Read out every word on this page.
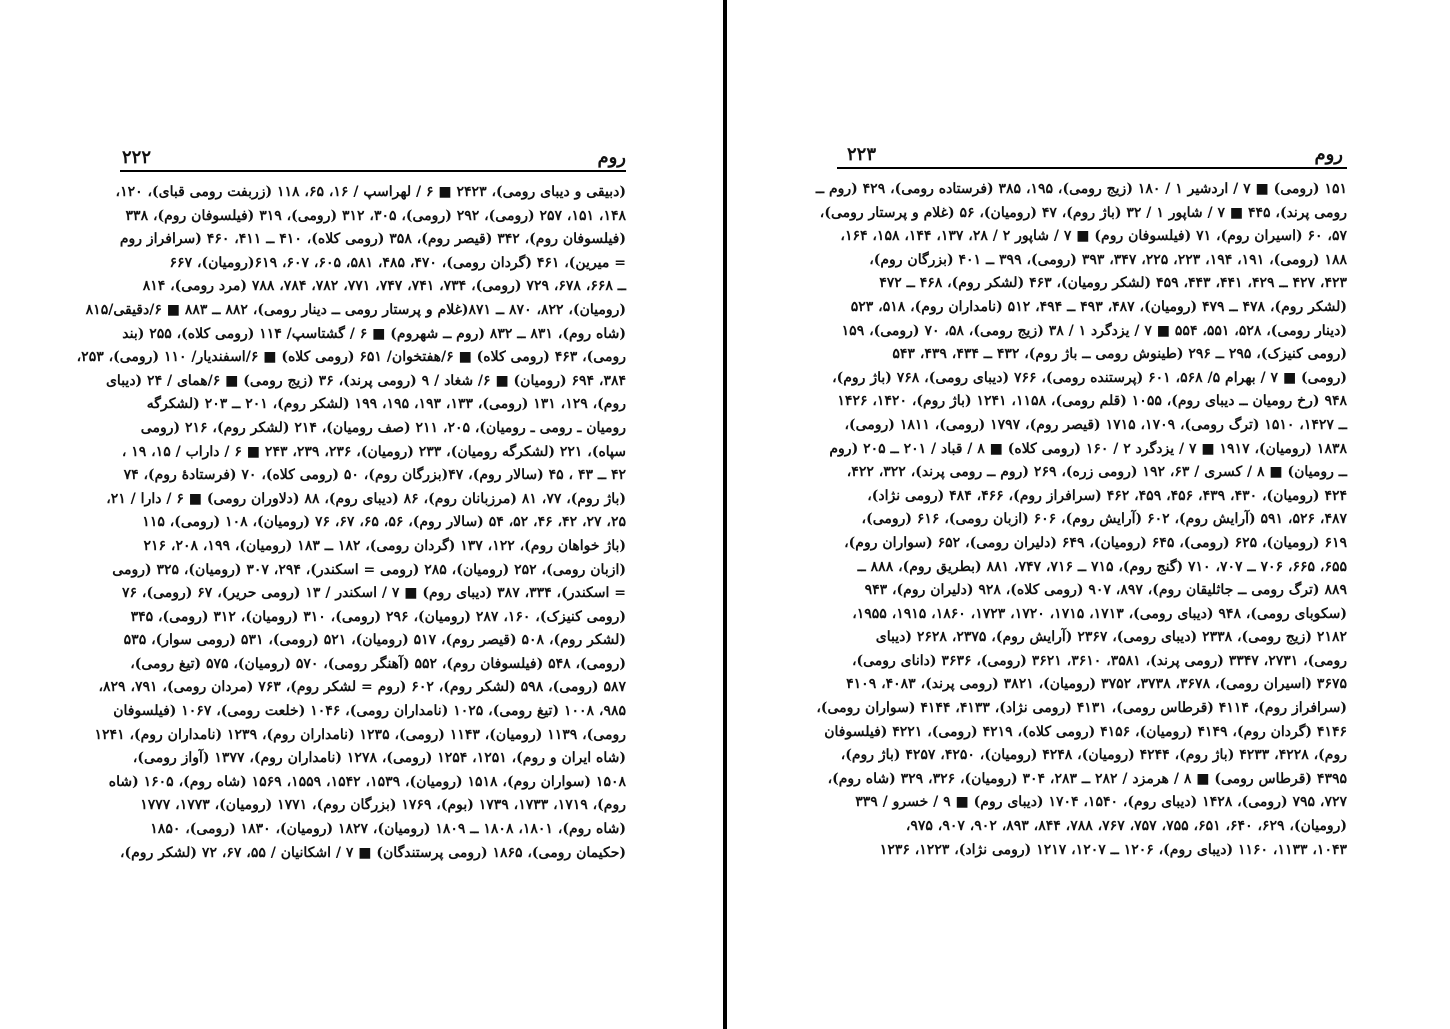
روم
۲۲۲
(دبیقی و دیبای رومی)، ۲۴۲۳ ■ ۶ / لهراسپ / ۱۶، ۶۵، ۱۱۸ (زربفت رومی قبای)، ۱۲۰،
۱۴۸، ۱۵۱، ۲۵۷ (رومی)، ۲۹۲ (رومی)، ۳۰۵، ۳۱۲ (رومی)، ۳۱۹ (فیلسوفان روم)، ۳۳۸
(فیلسوفان روم)، ۳۴۲ (قیصر روم)، ۳۵۸ (رومی کلاه)، ۴۱۰ ــ ۴۱۱، ۴۶۰ (سرافراز روم
= میرین)، ۴۶۱ (گردان رومی)، ۴۷۰، ۴۸۵، ۵۸۱، ۶۰۵، ۶۰۷، ۶۱۹(رومیان)، ۶۶۷
ــ ۶۶۸، ۶۷۸، ۷۲۹ (رومی)، ۷۳۴، ۷۴۱، ۷۴۷، ۷۷۱، ۷۸۲، ۷۸۴، ۷۸۸ (مرد رومی)، ۸۱۴
(رومیان)، ۸۲۲، ۸۷۰ ــ ۸۷۱(غلام و پرستار رومی ــ دینار رومی)، ۸۸۲ ــ ۸۸۳ ■ ۶/دقیقی/۸۱۵
(شاه روم)، ۸۳۱ ــ ۸۳۲ (روم ــ شهروم) ■ ۶ / گشتاسپ/ ۱۱۴ (رومی کلاه)، ۲۵۵ (بند
رومی)، ۴۶۳ (رومی کلاه) ■ ۶/هفتخوان/ ۶۵۱ (رومی کلاه) ■ ۶/اسفندیار/ ۱۱۰ (رومی)، ۲۵۳،
۳۸۴، ۶۹۴ (رومیان) ■ ۶/ شغاد / ۹ (رومی پرند)، ۳۶ (زیج رومی) ■ ۶/همای / ۲۴ (دیبای
روم)، ۱۲۹، ۱۳۱ (رومی)، ۱۳۳، ۱۹۳، ۱۹۵، ۱۹۹ (لشکر روم)، ۲۰۱ ــ ۲۰۳ (لشکرگه
رومیان ـ رومی ـ رومیان)، ۲۰۵، ۲۱۱ (صف رومیان)، ۲۱۴ (لشکر روم)، ۲۱۶ (رومی
سپاه)، ۲۲۱ (لشکرگه رومیان)، ۲۳۳ (رومیان)، ۲۳۶، ۲۳۹، ۲۴۳ ■ ۶ / داراب / ۱۵، ۱۹ ،
۴۲ ــ ۴۳ ، ۴۵ (سالار روم)، ۴۷(بزرگان روم)، ۵۰ (رومی کلاه)، ۷۰ (فرستادهٔ روم)، ۷۴
(باژ روم)، ۷۷، ۸۱ (مرزبانان روم)، ۸۶ (دیبای روم)، ۸۸ (دلاوران رومی) ■ ۶ / دارا / ۲۱،
۲۵، ۲۷، ۴۲، ۴۶، ۵۲، ۵۴ (سالار روم)، ۵۶، ۶۵، ۶۷، ۷۶ (رومیان)، ۱۰۸ (رومی)، ۱۱۵
(باژ خواهان روم)، ۱۲۲، ۱۳۷ (گردان رومی)، ۱۸۲ ــ ۱۸۳ (رومیان)، ۱۹۹، ۲۰۸، ۲۱۶
(ازبان رومی)، ۲۵۲ (رومیان)، ۲۸۵ (رومی = اسکندر)، ۲۹۴، ۳۰۷ (رومیان)، ۳۲۵ (رومی
= اسکندر)، ۳۳۴، ۳۸۷ (دیبای روم) ■ ۷ / اسکندر / ۱۳ (رومی حریر)، ۶۷ (رومی)، ۷۶
(رومی کنیزک)، ۱۶۰، ۲۸۷ (رومیان)، ۲۹۶ (رومی)، ۳۱۰ (رومیان)، ۳۱۲ (رومی)، ۳۴۵
(لشکر روم)، ۵۰۸ (قیصر روم)، ۵۱۷ (رومیان)، ۵۲۱ (رومی)، ۵۳۱ (رومی سوار)، ۵۳۵
(رومی)، ۵۴۸ (فیلسوفان روم)، ۵۵۲ (آهنگر رومی)، ۵۷۰ (رومیان)، ۵۷۵ (تیغ رومی)،
۵۸۷ (رومی)، ۵۹۸ (لشکر روم)، ۶۰۲ (روم = لشکر روم)، ۷۶۳ (مردان رومی)، ۷۹۱، ۸۲۹،
۹۸۵، ۱۰۰۸ (تیغ رومی)، ۱۰۲۵ (نامداران رومی)، ۱۰۴۶ (خلعت رومی)، ۱۰۶۷ (فیلسوفان
رومی)، ۱۱۳۹ (رومیان)، ۱۱۴۳ (رومی)، ۱۲۳۵ (نامداران روم)، ۱۲۳۹ (نامداران روم)، ۱۲۴۱
(شاه ایران و روم)، ۱۲۵۱، ۱۲۵۴ (رومی)، ۱۲۷۸ (نامداران روم)، ۱۳۷۷ (آواز رومی)،
۱۵۰۸ (سواران روم)، ۱۵۱۸ (رومیان)، ۱۵۳۹، ۱۵۴۲، ۱۵۵۹، ۱۵۶۹ (شاه روم)، ۱۶۰۵ (شاه
روم)، ۱۷۱۹، ۱۷۳۳، ۱۷۳۹ (بوم)، ۱۷۶۹ (بزرگان روم)، ۱۷۷۱ (رومیان)، ۱۷۷۳، ۱۷۷۷
(شاه روم)، ۱۸۰۱، ۱۸۰۸ ــ ۱۸۰۹ (رومیان)، ۱۸۲۷ (رومیان)، ۱۸۳۰ (رومی)، ۱۸۵۰
(حکیمان رومی)، ۱۸۶۵ (رومی پرستندگان) ■ ۷ / اشکانیان / ۵۵، ۶۷، ۷۲ (لشکر روم)،
روم
۲۲۳
۱۵۱ (رومی) ■ ۷ / اردشیر ۱ / ۱۸۰ (زیج رومی)، ۱۹۵، ۳۸۵ (فرستاده رومی)، ۴۲۹ (روم ــ
رومی پرند)، ۴۴۵ ■ ۷ / شاپور ۱ / ۳۲ (باژ روم)، ۴۷ (رومیان)، ۵۶ (غلام و پرستار رومی)،
۵۷، ۶۰ (اسیران روم)، ۷۱ (فیلسوفان روم) ■ ۷ / شاپور ۲ / ۲۸، ۱۳۷، ۱۴۴، ۱۵۸، ۱۶۴،
۱۸۸ (رومی)، ۱۹۱، ۱۹۴، ۲۲۳، ۲۲۵، ۳۴۷، ۳۹۳ (رومی)، ۳۹۹ ــ ۴۰۱ (بزرگان روم)،
۴۲۳، ۴۲۷ ــ ۴۲۹، ۴۴۱، ۴۴۳، ۴۵۹ (لشکر رومیان)، ۴۶۳ (لشکر روم)، ۴۶۸ ــ ۴۷۲
(لشکر روم)، ۴۷۸ ــ ۴۷۹ (رومیان)، ۴۸۷، ۴۹۳ ــ ۴۹۴، ۵۱۲ (نامداران روم)، ۵۱۸، ۵۲۳
(دینار رومی)، ۵۲۸، ۵۵۱، ۵۵۴ ■ ۷ / یزدگرد ۱ / ۳۸ (زیج رومی)، ۵۸، ۷۰ (رومی)، ۱۵۹
(رومی کنیزک)، ۲۹۵ ــ ۲۹۶ (طینوش رومی ــ باژ روم)، ۴۳۲ ــ ۴۳۴، ۴۳۹، ۵۴۳
(رومی) ■ ۷ / بهرام ۵/ ۵۶۸، ۶۰۱ (پرستنده رومی)، ۷۶۶ (دیبای رومی)، ۷۶۸ (باژ روم)،
۹۴۸ (رخ رومیان ــ دیبای روم)، ۱۰۵۵ (قلم رومی)، ۱۱۵۸، ۱۲۴۱ (باژ روم)، ۱۴۲۰، ۱۴۲۶
ــ ۱۴۲۷، ۱۵۱۰ (ترگ رومی)، ۱۷۰۹، ۱۷۱۵ (قیصر روم)، ۱۷۹۷ (رومی)، ۱۸۱۱ (رومی)،
۱۸۳۸ (رومیان)، ۱۹۱۷ ■ ۷ / یزدگرد ۲ / ۱۶۰ (رومی کلاه) ■ ۸ / قباد / ۲۰۱ ــ ۲۰۵ (روم
ــ رومیان) ■ ۸ / کسری / ۶۳، ۱۹۲ (رومی زره)، ۲۶۹ (روم ــ رومی پرند)، ۳۲۲، ۴۲۲،
۴۲۴ (رومیان)، ۴۳۰، ۴۳۹، ۴۵۶، ۴۵۹، ۴۶۲ (سرافراز روم)، ۴۶۶، ۴۸۴ (رومی نژاد)،
۴۸۷، ۵۲۶، ۵۹۱ (آرایش روم)، ۶۰۲ (آرایش روم)، ۶۰۶ (ازبان رومی)، ۶۱۶ (رومی)،
۶۱۹ (رومیان)، ۶۲۵ (رومی)، ۶۴۵ (رومیان)، ۶۴۹ (دلیران رومی)، ۶۵۲ (سواران روم)،
۶۵۵، ۶۶۵، ۷۰۶ ــ ۷۰۷، ۷۱۰ (گنج روم)، ۷۱۵ ــ ۷۱۶، ۷۴۷، ۸۸۱ (بطریق روم)، ۸۸۸ ــ
۸۸۹ (ترگ رومی ــ جاثلیقان روم)، ۸۹۷، ۹۰۷ (رومی کلاه)، ۹۲۸ (دلیران روم)، ۹۴۳
(سکوبای رومی)، ۹۴۸ (دیبای رومی)، ۱۷۱۳، ۱۷۱۵، ۱۷۲۰، ۱۷۲۳، ۱۸۶۰، ۱۹۱۵، ۱۹۵۵،
۲۱۸۲ (زیج رومی)، ۲۳۳۸ (دیبای رومی)، ۲۳۶۷ (آرایش روم)، ۲۳۷۵، ۲۶۲۸ (دیبای
رومی)، ۲۷۳۱، ۳۳۴۷ (رومی پرند)، ۳۵۸۱، ۳۶۱۰، ۳۶۲۱ (رومی)، ۳۶۳۶ (دانای رومی)،
۳۶۷۵ (اسیران رومی)، ۳۶۷۸، ۳۷۳۸، ۳۷۵۲ (رومیان)، ۳۸۲۱ (رومی پرند)، ۴۰۸۳، ۴۱۰۹
(سرافراز روم)، ۴۱۱۴ (قرطاس رومی)، ۴۱۳۱ (رومی نژاد)، ۴۱۳۳، ۴۱۴۴ (سواران رومی)،
۴۱۴۶ (گردان روم)، ۴۱۴۹ (رومیان)، ۴۱۵۶ (رومی کلاه)، ۴۲۱۹ (رومی)، ۴۲۲۱ (فیلسوفان
روم)، ۴۲۲۸، ۴۲۳۳ (باژ روم)، ۴۲۴۴ (رومیان)، ۴۲۴۸ (رومیان)، ۴۲۵۰، ۴۲۵۷ (باژ روم)،
۴۳۹۵ (قرطاس رومی) ■ ۸ / هرمزد / ۲۸۲ ــ ۲۸۳، ۳۰۴ (رومیان)، ۳۲۶، ۳۲۹ (شاه روم)،
۷۲۷، ۷۹۵ (رومی)، ۱۴۲۸ (دیبای روم)، ۱۵۴۰، ۱۷۰۴ (دیبای روم) ■ ۹ / خسرو / ۳۳۹
(رومیان)، ۶۲۹، ۶۴۰، ۶۵۱، ۷۵۵، ۷۵۷، ۷۶۷، ۷۸۸، ۸۴۴، ۸۹۳، ۹۰۲، ۹۰۷، ۹۷۵،
۱۰۴۳، ۱۱۳۳، ۱۱۶۰ (دیبای روم)، ۱۲۰۶ ــ ۱۲۰۷، ۱۲۱۷ (رومی نژاد)، ۱۲۲۳، ۱۲۳۶
